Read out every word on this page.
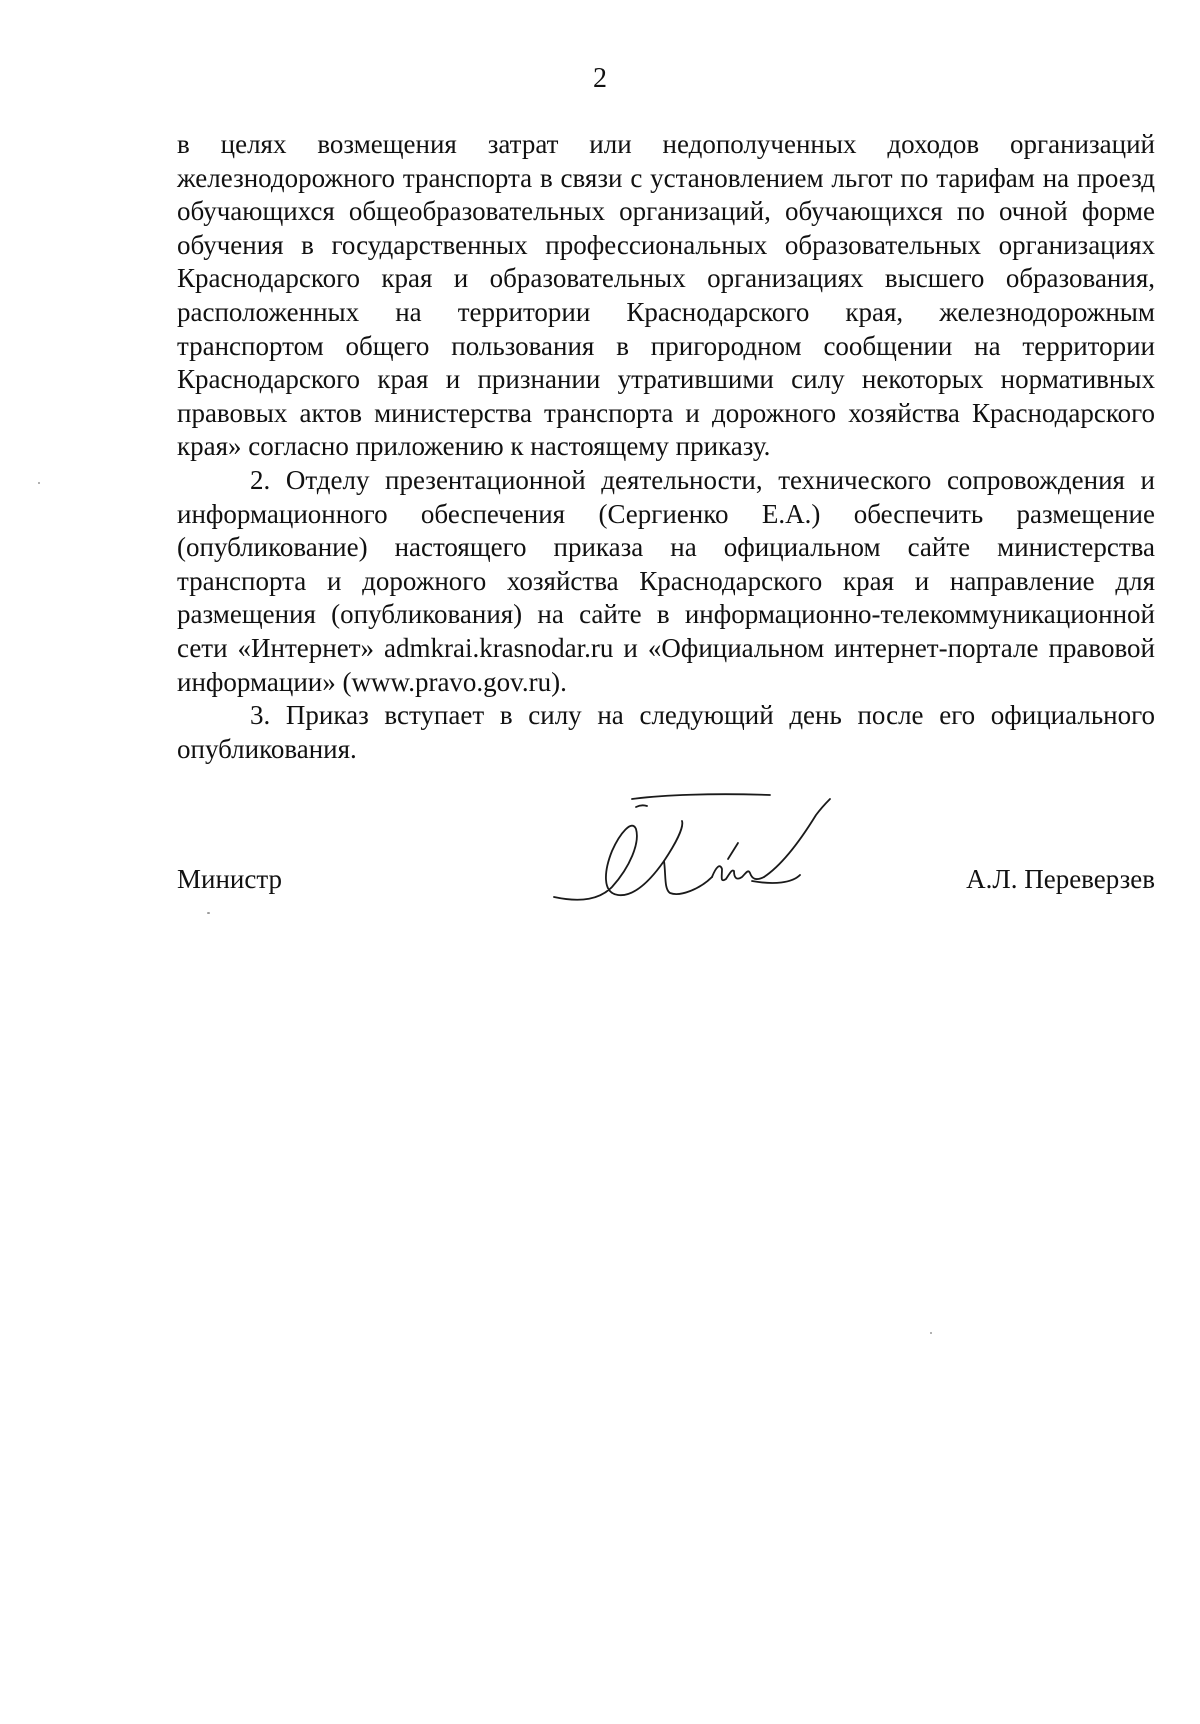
2

в целях возмещения затрат или недополученных доходов организаций железнодорожного транспорта в связи с установлением льгот по тарифам на проезд обучающихся общеобразовательных организаций, обучающихся по очной форме обучения в государственных профессиональных образовательных организациях Краснодарского края и образовательных организациях высшего образования, расположенных на территории Краснодарского края, железнодорожным транспортом общего пользования в пригородном сообщении на территории Краснодарского края и признании утратившими силу некоторых нормативных правовых актов министерства транспорта и дорожного хозяйства Краснодарского края» согласно приложению к настоящему приказу.

2. Отделу презентационной деятельности, технического сопровождения и информационного обеспечения (Сергиенко Е.А.) обеспечить размещение (опубликование) настоящего приказа на официальном сайте министерства транспорта и дорожного хозяйства Краснодарского края и направление для размещения (опубликования) на сайте в информационно-телекоммуникационной сети «Интернет» admkrai.krasnodar.ru и «Официальном интернет-портале правовой информации» (www.pravo.gov.ru).

3. Приказ вступает в силу на следующий день после его официального опубликования.

Министр	А.Л. Переверзев
